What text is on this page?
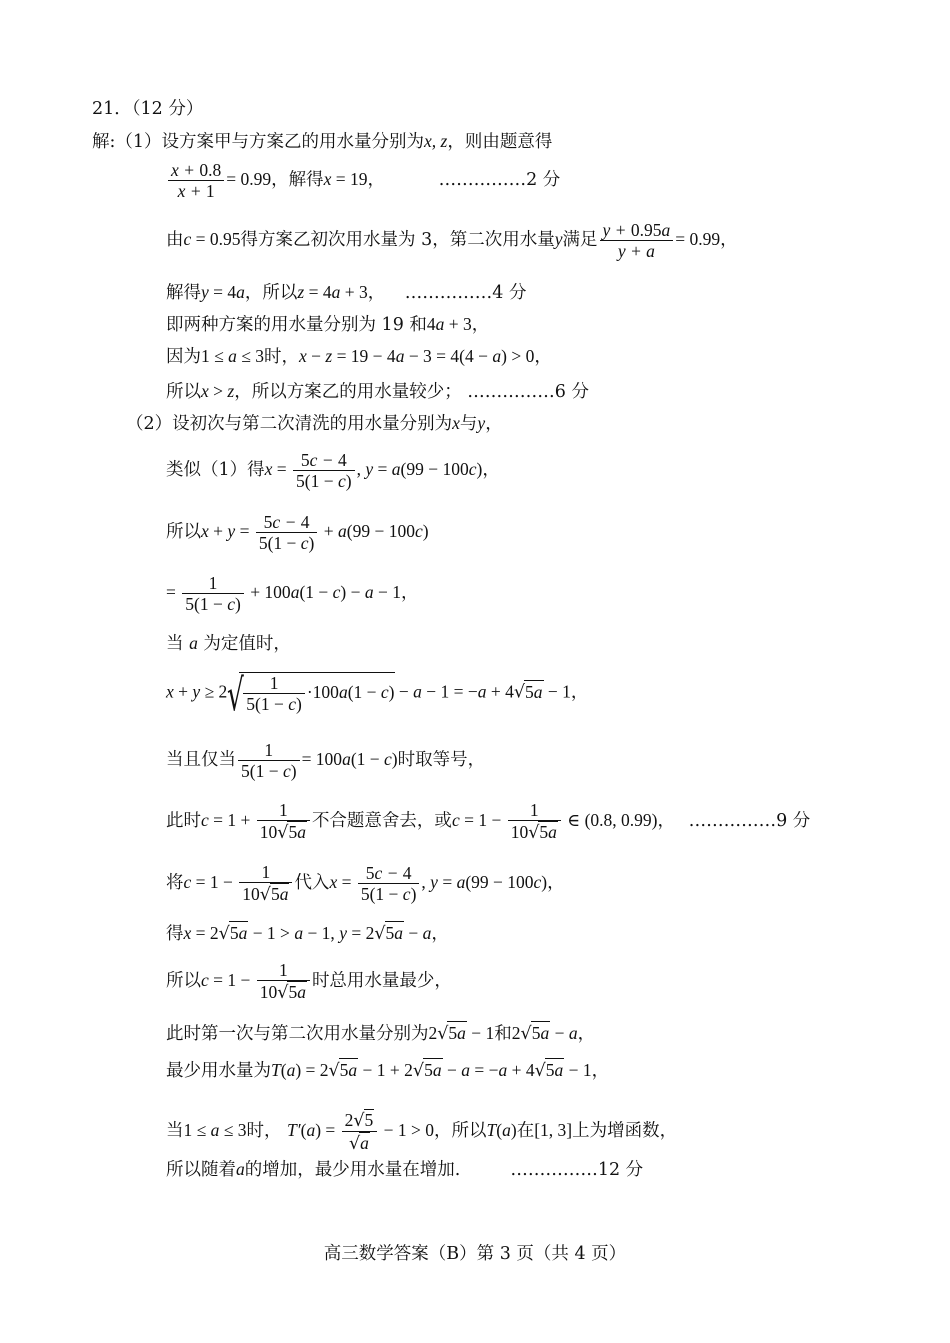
21．（12 分）
解:（1）设方案甲与方案乙的用水量分别为x, z，则由题意得
$\frac{x + 0.8}{x + 1} = 0.99$，解得x = 19，	……………2 分
由c = 0.95得方案乙初次用水量为 3，第二次用水量y满足 $\frac{y + 0.95a}{y + a} = 0.99$，
解得y = 4a，所以z = 4a + 3， ……………4 分
即两种方案的用水量分别为 19 和4a + 3，
因为1 ≤ a ≤ 3时，x − z = 19 − 4a − 3 = 4(4 − a) > 0，
所以x > z，所以方案乙的用水量较少； ……………6 分
（2）设初次与第二次清洗的用水量分别为x与y，
类似（1）得$x = \frac{5c - 4}{5(1 - c)}$ , y = a(99 − 100c)，
所以$x + y = \frac{5c - 4}{5(1 - c)} + a(99 - 100c)$
= $\frac{1}{5(1 - c)} + 100a(1 - c) - a - 1$，
当 a 为定值时，
x + y ≥ 2 √ $\frac{1}{5(1 - c)} \cdot 100a(1 - c) - a - 1 = -a + 4√5a - 1$，
当且仅当 $\frac{1}{5(1 - c)} = 100a(1 - c)$时取等号，
此时$c = 1 + \frac{1}{10√5a}$ 不合题意舍去，或$c = 1 - \frac{1}{10√5a}$ ∈ (0.8, 0.99)， ……………9 分
将$c = 1 - \frac{1}{10√5a}$ 代入$x = \frac{5c - 4}{5(1 - c)}$ , y = a(99 − 100c)，
得x = 2√5a − 1 > a − 1, y = 2√5a − a，
所以$c = 1 - \frac{1}{10√5a}$ 时总用水量最少，
此时第一次与第二次用水量分别为2√5a − 1和2√5a − a，
最少用水量为T(a) = 2√5a − 1 + 2√5a − a = −a + 4√5a − 1，
当1 ≤ a ≤ 3时， $T'(a) = \frac{2√5}{√a} - 1 > 0$，所以T(a)在[1, 3]上为增函数，
所以随着a的增加，最少用水量在增加.	……………12 分
高三数学答案（B）第 3 页（共 4 页）
